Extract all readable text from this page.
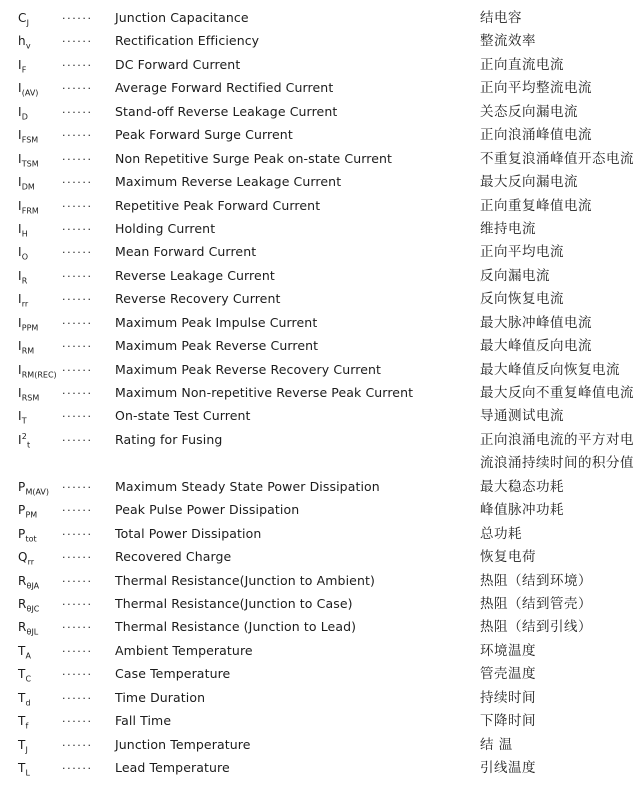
$C_J$	······	Junction Capacitance	结电容
$h_v$	······	Rectification Efficiency	整流效率
$I_F$	······	DC Forward Current	正向直流电流
$I_{(AV)}$	······	Average Forward Rectified Current	正向平均整流电流
$I_D$	······	Stand-off Reverse Leakage Current	关态反向漏电流
$I_{FSM}$	······	Peak Forward Surge Current	正向浪涌峰值电流
$I_{TSM}$	······	Non Repetitive Surge Peak on-state Current	不重复浪涌峰值开态电流
$I_{DM}$	······	Maximum Reverse Leakage Current	最大反向漏电流
$I_{FRM}$	······	Repetitive Peak Forward Current	正向重复峰值电流
$I_H$	······	Holding Current	维持电流
$I_O$	······	Mean Forward Current	正向平均电流
$I_R$	······	Reverse Leakage Current	反向漏电流
$I_{rr}$	······	Reverse Recovery Current	反向恢复电流
$I_{PPM}$	······	Maximum Peak Impulse Current	最大脉冲峰值电流
$I_{RM}$	······	Maximum Peak Reverse Current	最大峰值反向电流
$I_{RM(REC)}$ ······	Maximum Peak Reverse Recovery Current	最大峰值反向恢复电流
$I_{RSM}$	······	Maximum Non-repetitive Reverse Peak Current	最大反向不重复峰值电流
$I_T$	······	On-state Test Current	导通测试电流
$I^2_t$	······	Rating for Fusing	正向浪涌电流的平方对电
流浪涌持续时间的积分值
$P_{M(AV)}$	······	Maximum Steady State Power Dissipation	最大稳态功耗
$P_{PM}$	······	Peak Pulse Power Dissipation	峰值脉冲功耗
$P_{tot}$	······	Total Power Dissipation	总功耗
$Q_{rr}$	······	Recovered Charge	恢复电荷
$R_{\theta JA}$	······	Thermal Resistance(Junction to Ambient)	热阻（结到环境）
$R_{\theta JC}$	······	Thermal Resistance(Junction to Case)	热阻（结到管壳）
$R_{\theta JL}$	······	Thermal Resistance (Junction to Lead)	热阻（结到引线）
$T_A$	······	Ambient Temperature	环境温度
$T_C$	······	Case Temperature	管壳温度
$T_d$	······	Time Duration	持续时间
$T_f$	······	Fall Time	下降时间
$T_J$	······	Junction Temperature	结 温
$T_L$	······	Lead Temperature	引线温度
